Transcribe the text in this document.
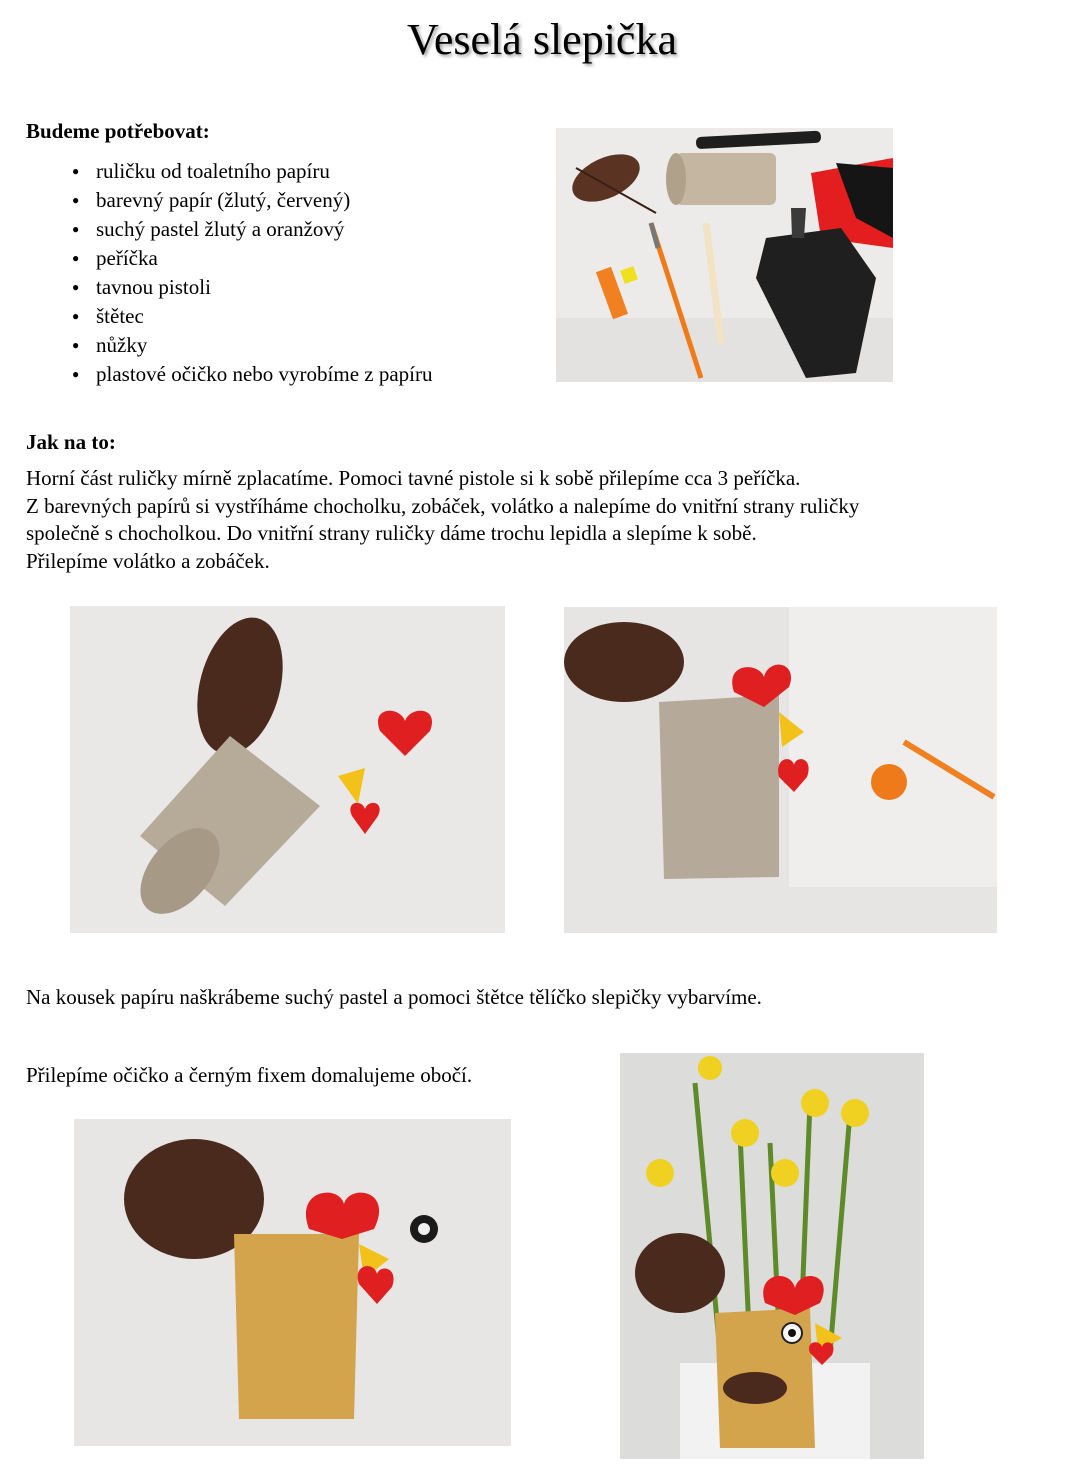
Veselá slepička
Budeme potřebovat:
● ruličku od toaletního papíru
● barevný papír (žlutý, červený)
● suchý pastel žlutý a oranžový
● peříčka
● tavnou pistoli
● štětec
● nůžky
● plastové očičko nebo vyrobíme z papíru
Jak na to:
Horní část ruličky mírně zplacatíme. Pomoci tavné pistole si k sobě přilepíme cca 3 peříčka.
Z barevných papírů si vystříháme chocholku, zobáček, volátko a nalepíme do vnitřní strany ruličky
společně s chocholkou. Do vnitřní strany ruličky dáme trochu lepidla a slepíme k sobě.
Přilepíme volátko a zobáček.
Na kousek papíru naškrábeme suchý pastel a pomoci štětce tělíčko slepičky vybarvíme.
Přilepíme očičko a černým fixem domalujeme obočí.
